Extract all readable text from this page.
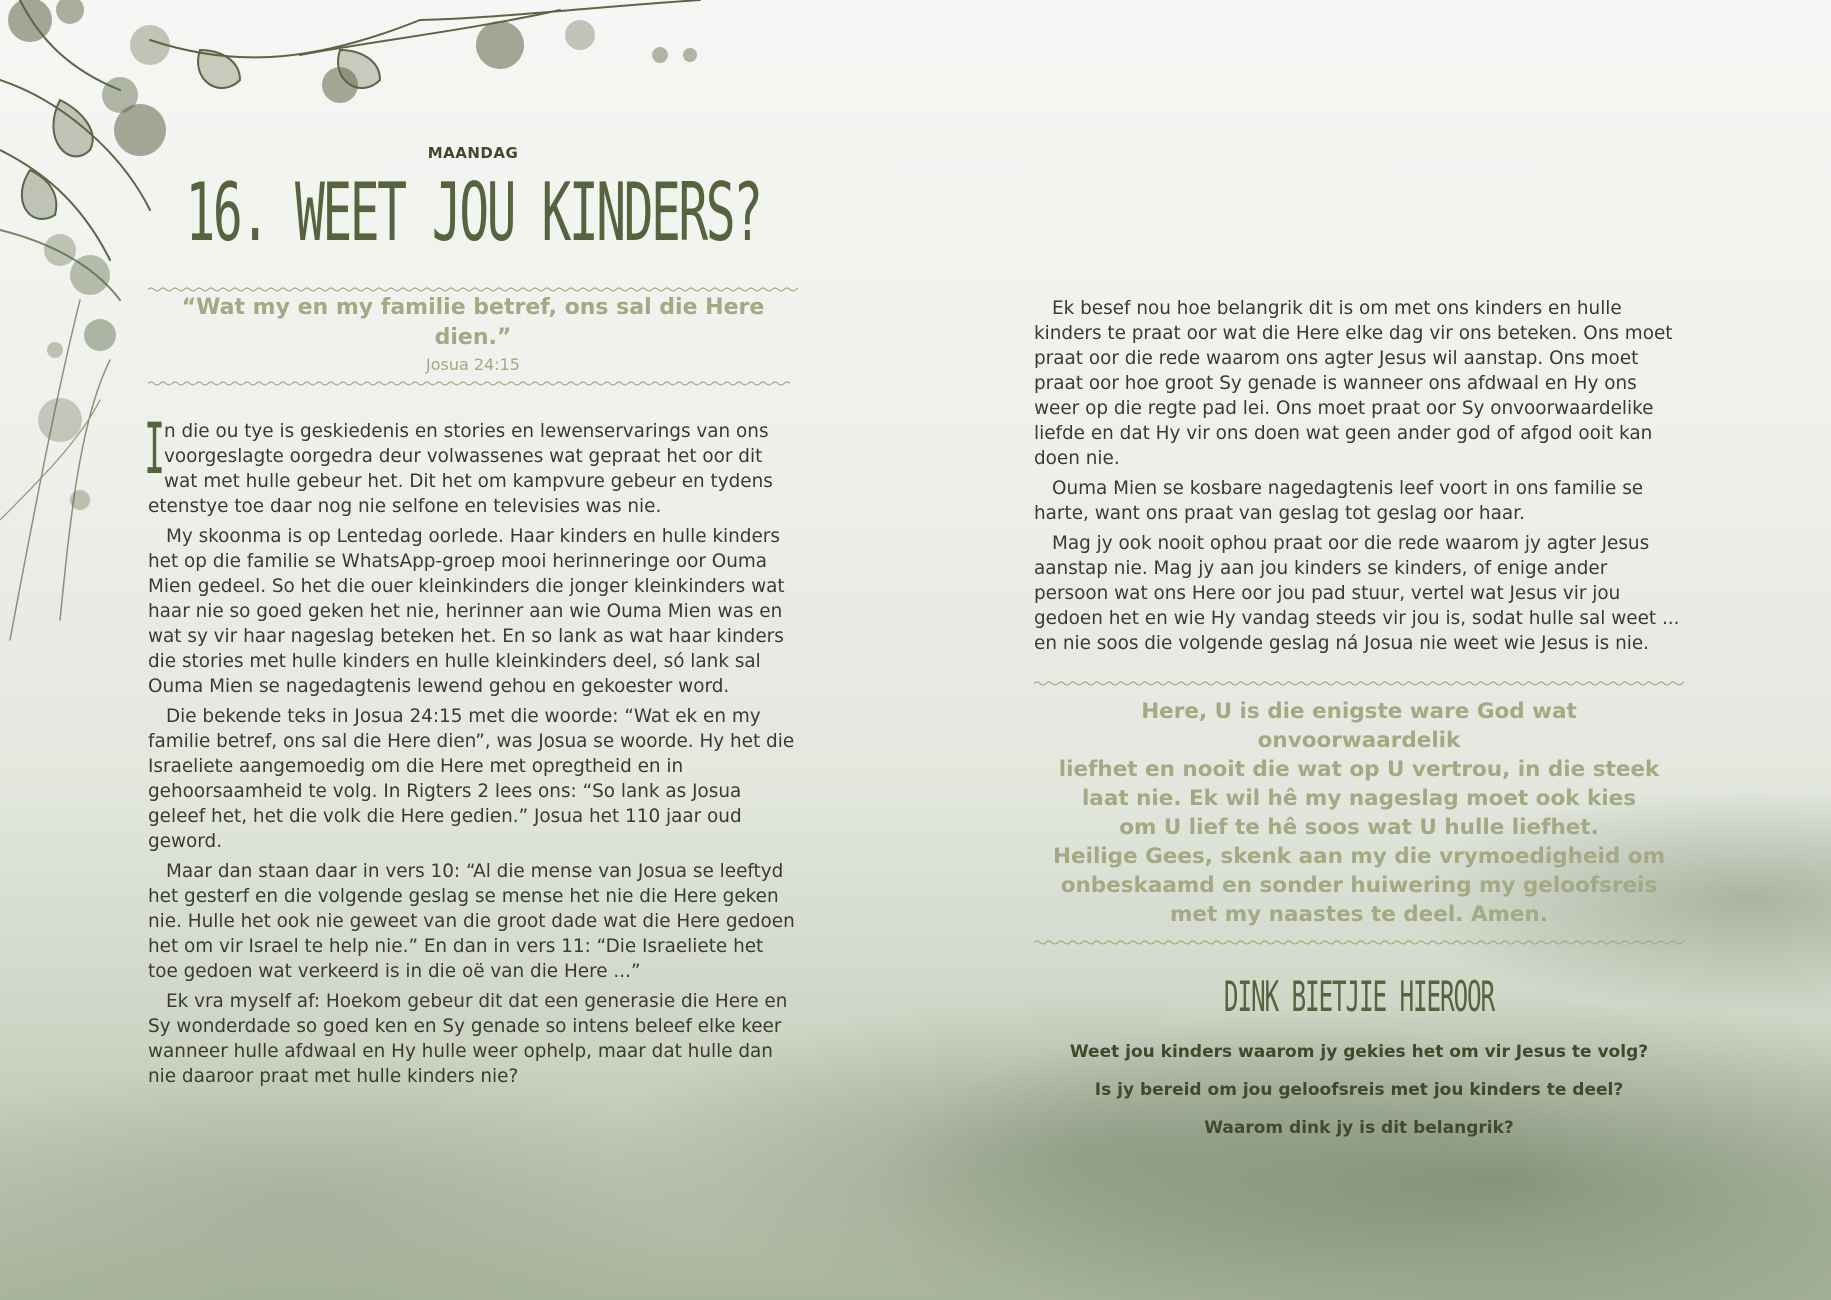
MAANDAG
16. WEET JOU KINDERS?
“Wat my en my familie betref, ons sal die Here dien.”
Josua 24:15

I
n die ou tye is geskiedenis en stories en lewenservarings van ons voorgeslagte oorgedra deur volwassenes wat gepraat het oor dit wat met hulle gebeur het. Dit het om kampvure gebeur en tydens etenstye toe daar nog nie selfone en televisies was nie.

My skoonma is op Lentedag oorlede. Haar kinders en hulle kinders het op die familie se WhatsApp-groep mooi herinneringe oor Ouma Mien gedeel. So het die ouer kleinkinders die jonger kleinkinders wat haar nie so goed geken het nie, herinner aan wie Ouma Mien was en wat sy vir haar nageslag beteken het. En so lank as wat haar kinders die stories met hulle kinders en hulle kleinkinders deel, só lank sal Ouma Mien se nagedagtenis lewend gehou en gekoester word.

Die bekende teks in Josua 24:15 met die woorde: “Wat ek en my familie betref, ons sal die Here dien”, was Josua se woorde. Hy het die Israeliete aangemoedig om die Here met opregtheid en in gehoorsaamheid te volg. In Rigters 2 lees ons: “So lank as Josua geleef het, het die volk die Here gedien.” Josua het 110 jaar oud geword.

Maar dan staan daar in vers 10: “Al die mense van Josua se leeftyd het gesterf en die volgende geslag se mense het nie die Here geken nie. Hulle het ook nie geweet van die groot dade wat die Here gedoen het om vir Israel te help nie.” En dan in vers 11: “Die Israeliete het toe gedoen wat verkeerd is in die oë van die Here ...”

Ek vra myself af: Hoekom gebeur dit dat een generasie die Here en Sy wonderdade so goed ken en Sy genade so intens beleef elke keer wanneer hulle afdwaal en Hy hulle weer ophelp, maar dat hulle dan nie daaroor praat met hulle kinders nie?

Ek besef nou hoe belangrik dit is om met ons kinders en hulle kinders te praat oor wat die Here elke dag vir ons beteken. Ons moet praat oor die rede waarom ons agter Jesus wil aanstap. Ons moet praat oor hoe groot Sy genade is wanneer ons afdwaal en Hy ons weer op die regte pad lei. Ons moet praat oor Sy onvoorwaardelike liefde en dat Hy vir ons doen wat geen ander god of afgod ooit kan doen nie.

Ouma Mien se kosbare nagedagtenis leef voort in ons familie se harte, want ons praat van geslag tot geslag oor haar.

Mag jy ook nooit ophou praat oor die rede waarom jy agter Jesus aanstap nie. Mag jy aan jou kinders se kinders, of enige ander persoon wat ons Here oor jou pad stuur, vertel wat Jesus vir jou gedoen het en wie Hy vandag steeds vir jou is, sodat hulle sal weet ... en nie soos die volgende geslag ná Josua nie weet wie Jesus is nie.

Here, U is die enigste ware God wat onvoorwaardelik

liefhet en nooit die wat op U vertrou, in die steek

laat nie. Ek wil hê my nageslag moet ook kies

om U lief te hê soos wat U hulle liefhet.

Heilige Gees, skenk aan my die vrymoedigheid om

onbeskaamd en sonder huiwering my geloofsreis

met my naastes te deel. Amen.

DINK BIETJIE HIEROOR
Weet jou kinders waarom jy gekies het om vir Jesus te volg?
Is jy bereid om jou geloofsreis met jou kinders te deel?
Waarom dink jy is dit belangrik?
